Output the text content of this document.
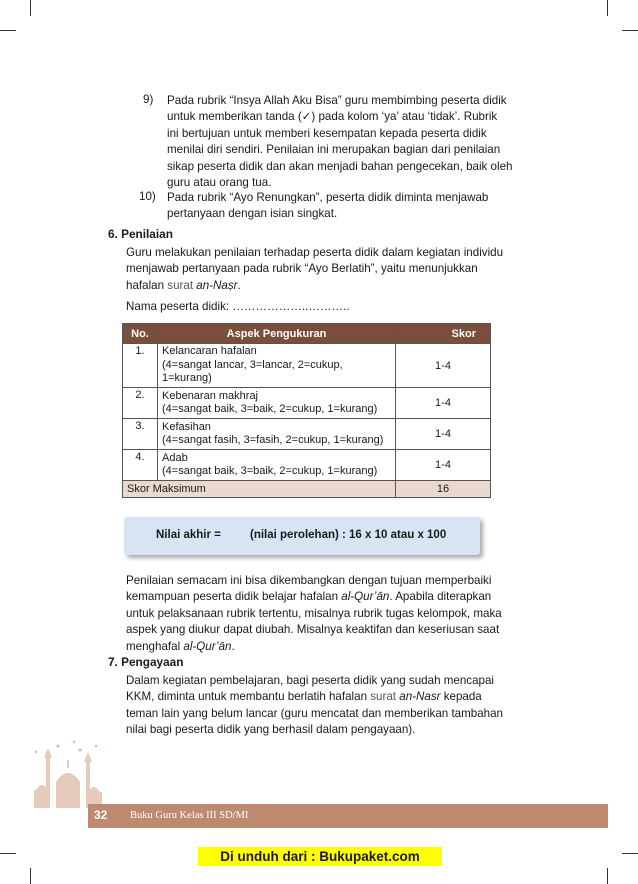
9) Pada rubrik “Insya Allah Aku Bisa” guru membimbing peserta didik
untuk memberikan tanda (✓) pada kolom ‘ya’ atau ‘tidak’. Rubrik
ini bertujuan untuk memberi kesempatan kepada peserta didik
menilai diri sendiri. Penilaian ini merupakan bagian dari penilaian
sikap peserta didik dan akan menjadi bahan pengecekan, baik oleh
guru atau orang tua.
10) Pada rubrik “Ayo Renungkan”, peserta didik diminta menjawab
pertanyaan dengan isian singkat.
6. Penilaian
Guru melakukan penilaian terhadap peserta didik dalam kegiatan individu
menjawab pertanyaan pada rubrik “Ayo Berlatih”, yaitu menunjukkan
hafalan surat an-Naṣr.
Nama peserta didik: ………………..………..
No.	Aspek Pengukuran	Skor
1.	Kelancaran hafalan
(4=sangat lancar, 3=lancar, 2=cukup,
1=kurang)	1-4
2.	Kebenaran makhraj
(4=sangat baik, 3=baik, 2=cukup, 1=kurang)	1-4
3.	Kefasihan
(4=sangat fasih, 3=fasih, 2=cukup, 1=kurang)	1-4
4.	Adab
(4=sangat baik, 3=baik, 2=cukup, 1=kurang)	1-4
Skor Maksimum		16
Nilai akhir =	(nilai perolehan) : 16 x 10 atau x 100
Penilaian semacam ini bisa dikembangkan dengan tujuan memperbaiki
kemampuan peserta didik belajar hafalan al-Qur’ān. Apabila diterapkan
untuk pelaksanaan rubrik tertentu, misalnya rubrik tugas kelompok, maka
aspek yang diukur dapat diubah. Misalnya keaktifan dan keseriusan saat
menghafal al-Qur’ān.
7. Pengayaan
Dalam kegiatan pembelajaran, bagi peserta didik yang sudah mencapai
KKM, diminta untuk membantu berlatih hafalan surat an-Nasr kepada
teman lain yang belum lancar (guru mencatat dan memberikan tambahan
nilai bagi peserta didik yang berhasil dalam pengayaan).
32 Buku Guru Kelas III SD/MI
Di unduh dari : Bukupaket.com
